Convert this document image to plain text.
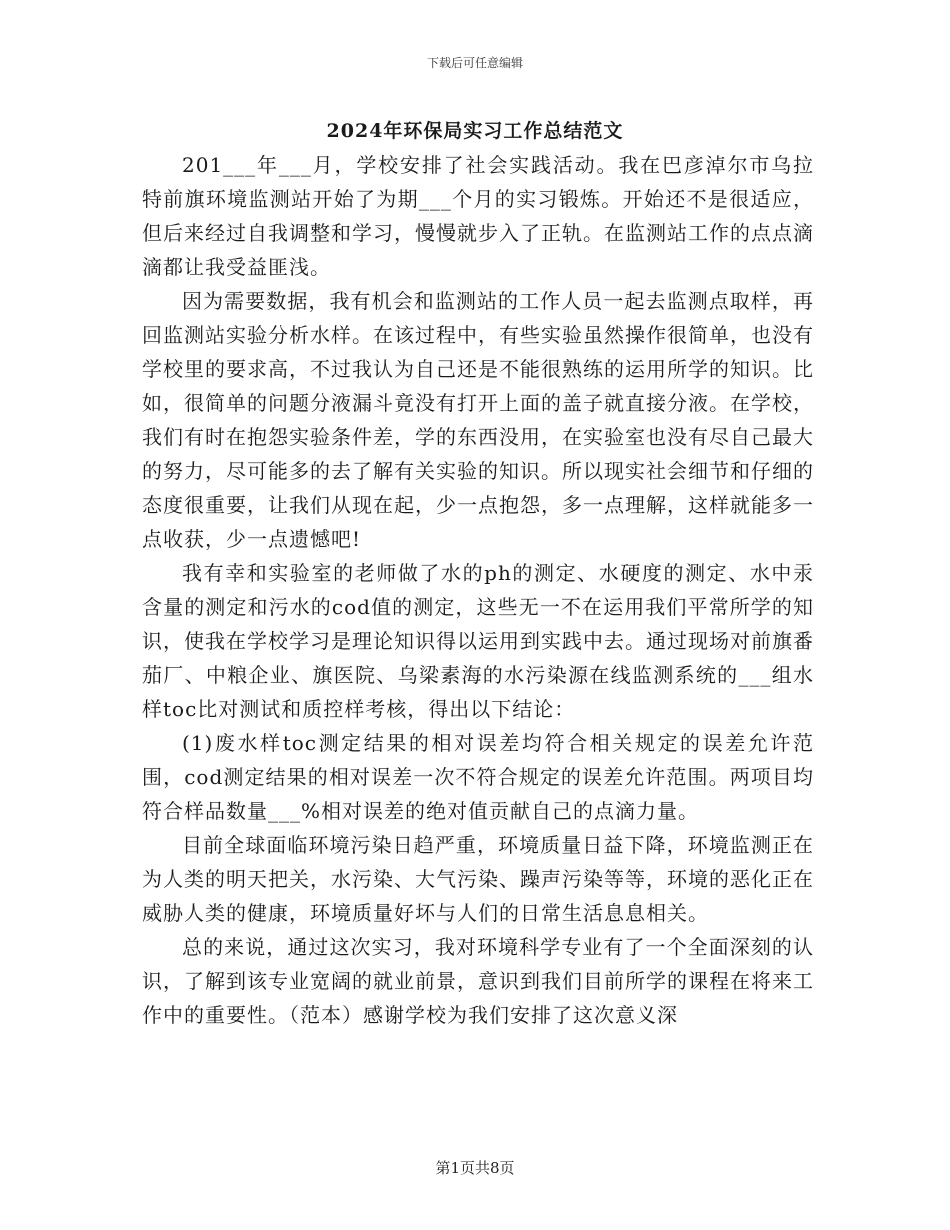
下载后可任意编辑
2024年环保局实习工作总结范文

201___年___月，学校安排了社会实践活动。我在巴彦淖尔市乌拉特前旗环境监测站开始了为期___个月的实习锻炼。开始还不是很适应，但后来经过自我调整和学习，慢慢就步入了正轨。在监测站工作的点点滴滴都让我受益匪浅。

因为需要数据，我有机会和监测站的工作人员一起去监测点取样，再回监测站实验分析水样。在该过程中，有些实验虽然操作很简单，也没有学校里的要求高，不过我认为自己还是不能很熟练的运用所学的知识。比如，很简单的问题分液漏斗竟没有打开上面的盖子就直接分液。在学校，我们有时在抱怨实验条件差，学的东西没用，在实验室也没有尽自己最大的努力，尽可能多的去了解有关实验的知识。所以现实社会细节和仔细的态度很重要，让我们从现在起，少一点抱怨，多一点理解，这样就能多一点收获，少一点遗憾吧!

我有幸和实验室的老师做了水的ph的测定、水硬度的测定、水中汞含量的测定和污水的cod值的测定，这些无一不在运用我们平常所学的知识，使我在学校学习是理论知识得以运用到实践中去。通过现场对前旗番茄厂、中粮企业、旗医院、乌梁素海的水污染源在线监测系统的___组水样toc比对测试和质控样考核，得出以下结论：

(1)废水样toc测定结果的相对误差均符合相关规定的误差允许范围，cod测定结果的相对误差一次不符合规定的误差允许范围。两项目均符合样品数量___%相对误差的绝对值贡献自己的点滴力量。

目前全球面临环境污染日趋严重，环境质量日益下降，环境监测正在为人类的明天把关，水污染、大气污染、躁声污染等等，环境的恶化正在威胁人类的健康，环境质量好坏与人们的日常生活息息相关。

总的来说，通过这次实习，我对环境科学专业有了一个全面深刻的认识，了解到该专业宽阔的就业前景，意识到我们目前所学的课程在将来工作中的重要性。（范本）感谢学校为我们安排了这次意义深

第1页共8页
